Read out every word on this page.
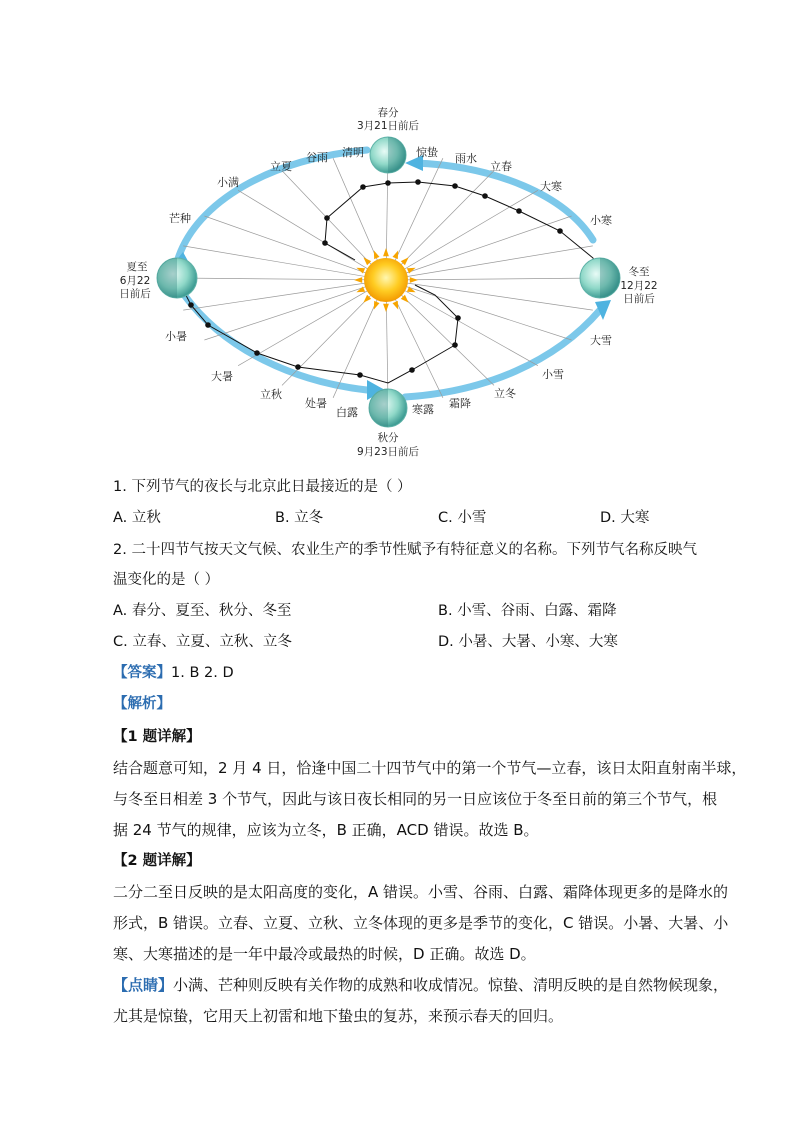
春分
3月21日前后
秋分
9月23日前后
夏至
6月22
日前后
冬至
12月22
日前后
清明
谷雨
立夏
小满
芒种
惊蛰 雨水
立春
大寒
小寒
小暑
大暑
立秋
处暑
白露	寒露 霜降
立冬
小雪
大雪
1. 下列节气的夜长与北京此日最接近的是（ ）
A. 立秋	B. 立冬	C. 小雪	D. 大寒
2. 二十四节气按天文气候、农业生产的季节性赋予有特征意义的名称。下列节气名称反映气
温变化的是（ ）
A. 春分、夏至、秋分、冬至	B. 小雪、谷雨、白露、霜降
C. 立春、立夏、立秋、立冬	D. 小暑、大暑、小寒、大寒
【答案】1. B 2. D
【解析】
【1 题详解】
结合题意可知，2 月 4 日，恰逢中国二十四节气中的第一个节气—立春，该日太阳直射南半球，
与冬至日相差 3 个节气，因此与该日夜长相同的另一日应该位于冬至日前的第三个节气，根
据 24 节气的规律，应该为立冬，B 正确，ACD 错误。故选 B。
【2 题详解】
二分二至日反映的是太阳高度的变化，A 错误。小雪、谷雨、白露、霜降体现更多的是降水的
形式，B 错误。立春、立夏、立秋、立冬体现的更多是季节的变化，C 错误。小暑、大暑、小
寒、大寒描述的是一年中最冷或最热的时候，D 正确。故选 D。
【点睛】小满、芒种则反映有关作物的成熟和收成情况。惊蛰、清明反映的是自然物候现象，
尤其是惊蛰，它用天上初雷和地下蛰虫的复苏，来预示春天的回归。
